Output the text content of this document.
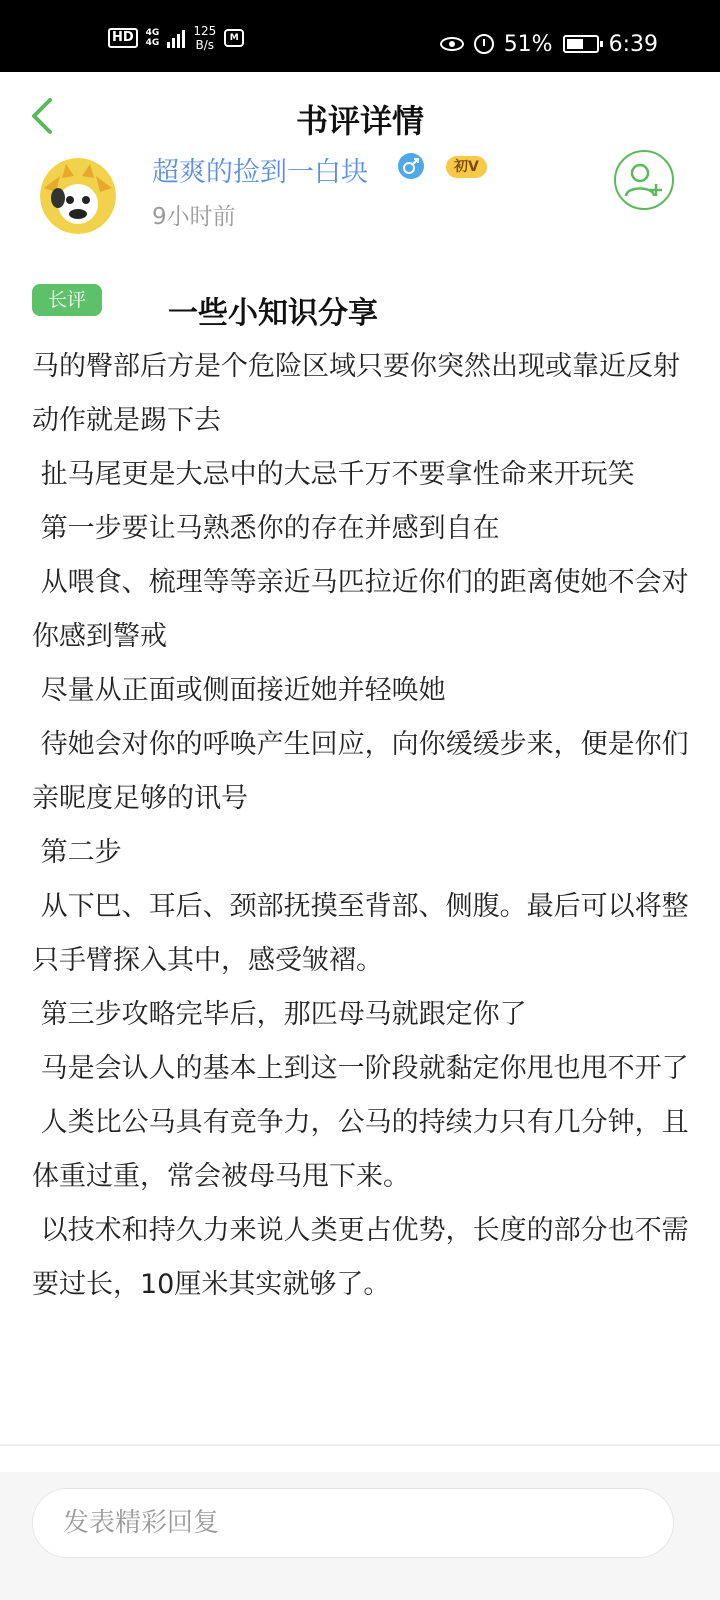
HD	4G
4G
125
B/s	M	51%	6:39
书评详情
超爽的捡到一白块	初V
9小时前
长评	一些小知识分享

马的臀部后方是个危险区域只要你突然出现或靠近反射动作就是踢下去

扯马尾更是大忌中的大忌千万不要拿性命来开玩笑

第一步要让马熟悉你的存在并感到自在

从喂食、梳理等等亲近马匹拉近你们的距离使她不会对你感到警戒

尽量从正面或侧面接近她并轻唤她

待她会对你的呼唤产生回应，向你缓缓步来，便是你们亲昵度足够的讯号

第二步

从下巴、耳后、颈部抚摸至背部、侧腹。最后可以将整只手臂探入其中，感受皱褶。

第三步攻略完毕后，那匹母马就跟定你了

马是会认人的基本上到这一阶段就黏定你甩也甩不开了

人类比公马具有竞争力，公马的持续力只有几分钟，且体重过重，常会被母马甩下来。

以技术和持久力来说人类更占优势，长度的部分也不需要过长，10厘米其实就够了。

发表精彩回复
